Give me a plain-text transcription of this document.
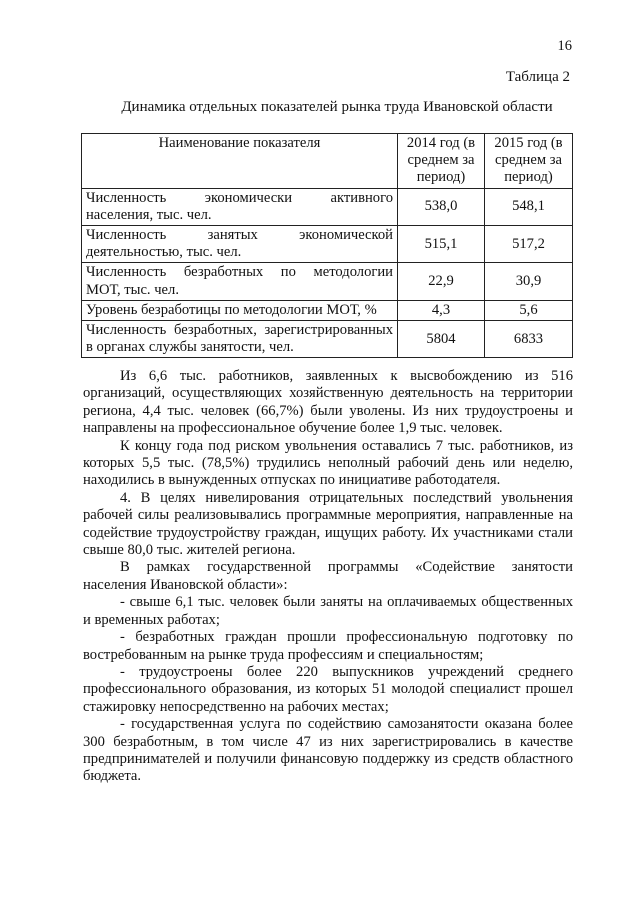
16
Таблица 2
Динамика отдельных показателей рынка труда Ивановской области
Наименование показателя	2014 год (в среднем за период)	2015 год (в среднем за период)

Численность экономически активного
населения, тыс. чел.	538,0	548,1

Численность занятых экономической
деятельностью, тыс. чел.	515,1	517,2

Численность безработных по методологии
МОТ, тыс. чел.	22,9	30,9

Уровень безработицы по методологии МОТ, %	4,3	5,6

Численность безработных, зарегистрированных
в органах службы занятости, чел.	5804	6833

Из 6,6 тыс. работников, заявленных к высвобождению из 516 организаций, осуществляющих хозяйственную деятельность на территории региона, 4,4 тыс. человек (66,7%) были уволены. Из них трудоустроены и направлены на профессиональное обучение более 1,9 тыс. человек.

К концу года под риском увольнения оставались 7 тыс. работников, из которых 5,5 тыс. (78,5%) трудились неполный рабочий день или неделю, находились в вынужденных отпусках по инициативе работодателя.

4. В целях нивелирования отрицательных последствий увольнения рабочей силы реализовывались программные мероприятия, направленные на содействие трудоустройству граждан, ищущих работу. Их участниками стали свыше 80,0 тыс. жителей региона.

В рамках государственной программы «Содействие занятости населения Ивановской области»:

- свыше 6,1 тыс. человек были заняты на оплачиваемых общественных и временных работах;

- безработных граждан прошли профессиональную подготовку по востребованным на рынке труда профессиям и специальностям;

- трудоустроены более 220 выпускников учреждений среднего профессионального образования, из которых 51 молодой специалист прошел стажировку непосредственно на рабочих местах;

- государственная услуга по содействию самозанятости оказана более 300 безработным, в том числе 47 из них зарегистрировались в качестве предпринимателей и получили финансовую поддержку из средств областного бюджета.
